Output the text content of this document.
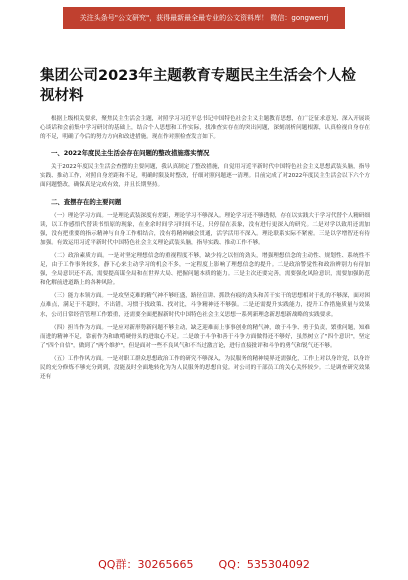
关注头条号"公文研究"，获得最新最全最专业的公文资料库！ 微信：gongwenrj
集团公司2023年主题教育专题民主生活会个人检视材料

根据上级相关要求，聚焦民主生活会主题，对照学习习近平总书记中国特色社会主义主题教育思想，在广泛征求意见、深入开展谈心谈话和会前集中学习研讨的基础上，结合个人思想和工作实际，找准查实存在的突出问题，深刻剖析问题根源，认真检视自身存在的不足，明确了今后的努力方向和改进措施。现在作对照检查发言如下。

一、2022年度民主生活会存在问题的整改措施落实情况

关于2022年度民主生活会查摆的主要问题，我认真制定了整改措施，自觉用习近平新时代中国特色社会主义思想武装头脑，指导实践、推动工作，对照自身差距和不足，明确时限及时整改，仔细对照问题逐一清理。目前完成了对2022年度民主生活会以下六个方面问题整改，确保真是完成有效，并且长期坚持。

二、查摆存在的主要问题

（一）理论学习方面。一是理论武装深度有差距，理论学习不够深入。理论学习还不够透彻，存在以实践大于学习代替个人精研细读，以工作感悟代替读书悟原的现象，在业余时间学习时间不足，只停留在表象，没有进行更深入的研究。二是对学以致用还需加强，没有把重要的指示精神与自身工作相结合，没有将精神融会贯通，活学活用不深入。理论联系实际不紧密。三是以学增智还有待加强。有效运用习近平新时代中国特色社会主义理论武装头脑，指导实践、推动工作不够。

（二）政治素质方面。一是对坚定理想信念的重视程度不够，缺少持之以恒的劲头，增强理想信念的主动性、规划性、系统性不足，由于工作事务较多，静下心来主动学习的机会不多，一定程度上影响了理想信念的提升。二是政治警觉性和政治辨别力有待加强，全局意识还不高，需要提高谋全局和在世界大局、把握问题本质的能力。三是主次还要完善，需要强化风险意识，需要加强防范和化解前进道路上的各种风险。

（三）能力本领方面。一是攻坚克难的精气神不够旺盛，路径宣讲、抓铁有痕的劲头和苦干实干的思想相对于扎的不够深，面对困点难点，满足于不超时，不出错，习惯于找政策、找对比，斗争精神还不够强。二是还需提升实践能力，提升工作措施质量与效果水，公司日常经营管理工作繁重，还需要全面把握新时代中国特色社会主义思想一系列新理念新思想新战略的实践要求。

（四）担当作为方面。一是应对新形势新问题不够主动，缺乏迎难而上事事创业的精气神，敢于斗争、勇于负责，繁重问题，知难而进的精神不足，靠前作为和敢啃硬骨头的进取心不足。二是敢于斗争和善于斗争方面做得还不够好，虽然树立了"四个意识"，坚定了"四个自信"，做到了"两个维护"，但是面对一些不良风气和不当过激言论，进行直接批评和斗争的勇气和锐气还不够。

（五）工作作风方面。一是对职工群众思想政治工作的研究不够深入，为民服务的精神境界还需强化，工作上对以身许党，以身许民的充分修炼不够充分到到，没能及时全面地转化为为人民服务的思想自觉。对公司的干部员工的关心关怀较少。二是调查研究效果还有

QQ群：30265665 QQ：535304092
